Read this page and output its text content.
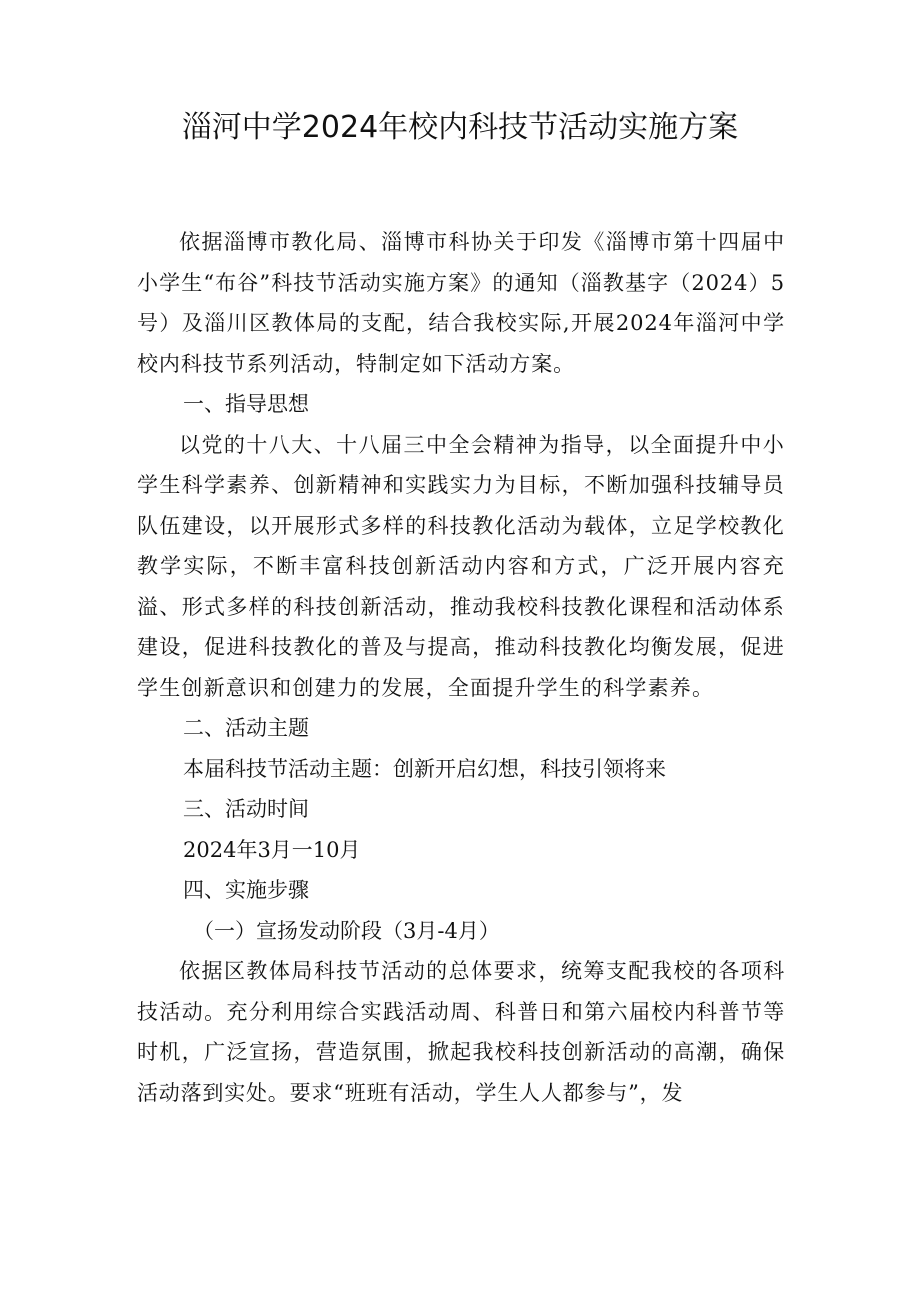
淄河中学2024年校内科技节活动实施方案

依据淄博市教化局、淄博市科协关于印发《淄博市第十四届中小学生“布谷”科技节活动实施方案》的通知（淄教基字（2024）5号）及淄川区教体局的支配，结合我校实际,开展2024年淄河中学校内科技节系列活动，特制定如下活动方案。

一、指导思想

以党的十八大、十八届三中全会精神为指导，以全面提升中小学生科学素养、创新精神和实践实力为目标，不断加强科技辅导员队伍建设，以开展形式多样的科技教化活动为载体，立足学校教化教学实际，不断丰富科技创新活动内容和方式，广泛开展内容充溢、形式多样的科技创新活动，推动我校科技教化课程和活动体系建设，促进科技教化的普及与提高，推动科技教化均衡发展，促进学生创新意识和创建力的发展，全面提升学生的科学素养。

二、活动主题

本届科技节活动主题：创新开启幻想，科技引领将来

三、活动时间

2024年3月一10月

四、实施步骤

（一）宣扬发动阶段（3月-4月）

依据区教体局科技节活动的总体要求，统筹支配我校的各项科技活动。充分利用综合实践活动周、科普日和第六届校内科普节等时机，广泛宣扬，营造氛围，掀起我校科技创新活动的高潮，确保活动落到实处。要求“班班有活动，学生人人都参与”，发
